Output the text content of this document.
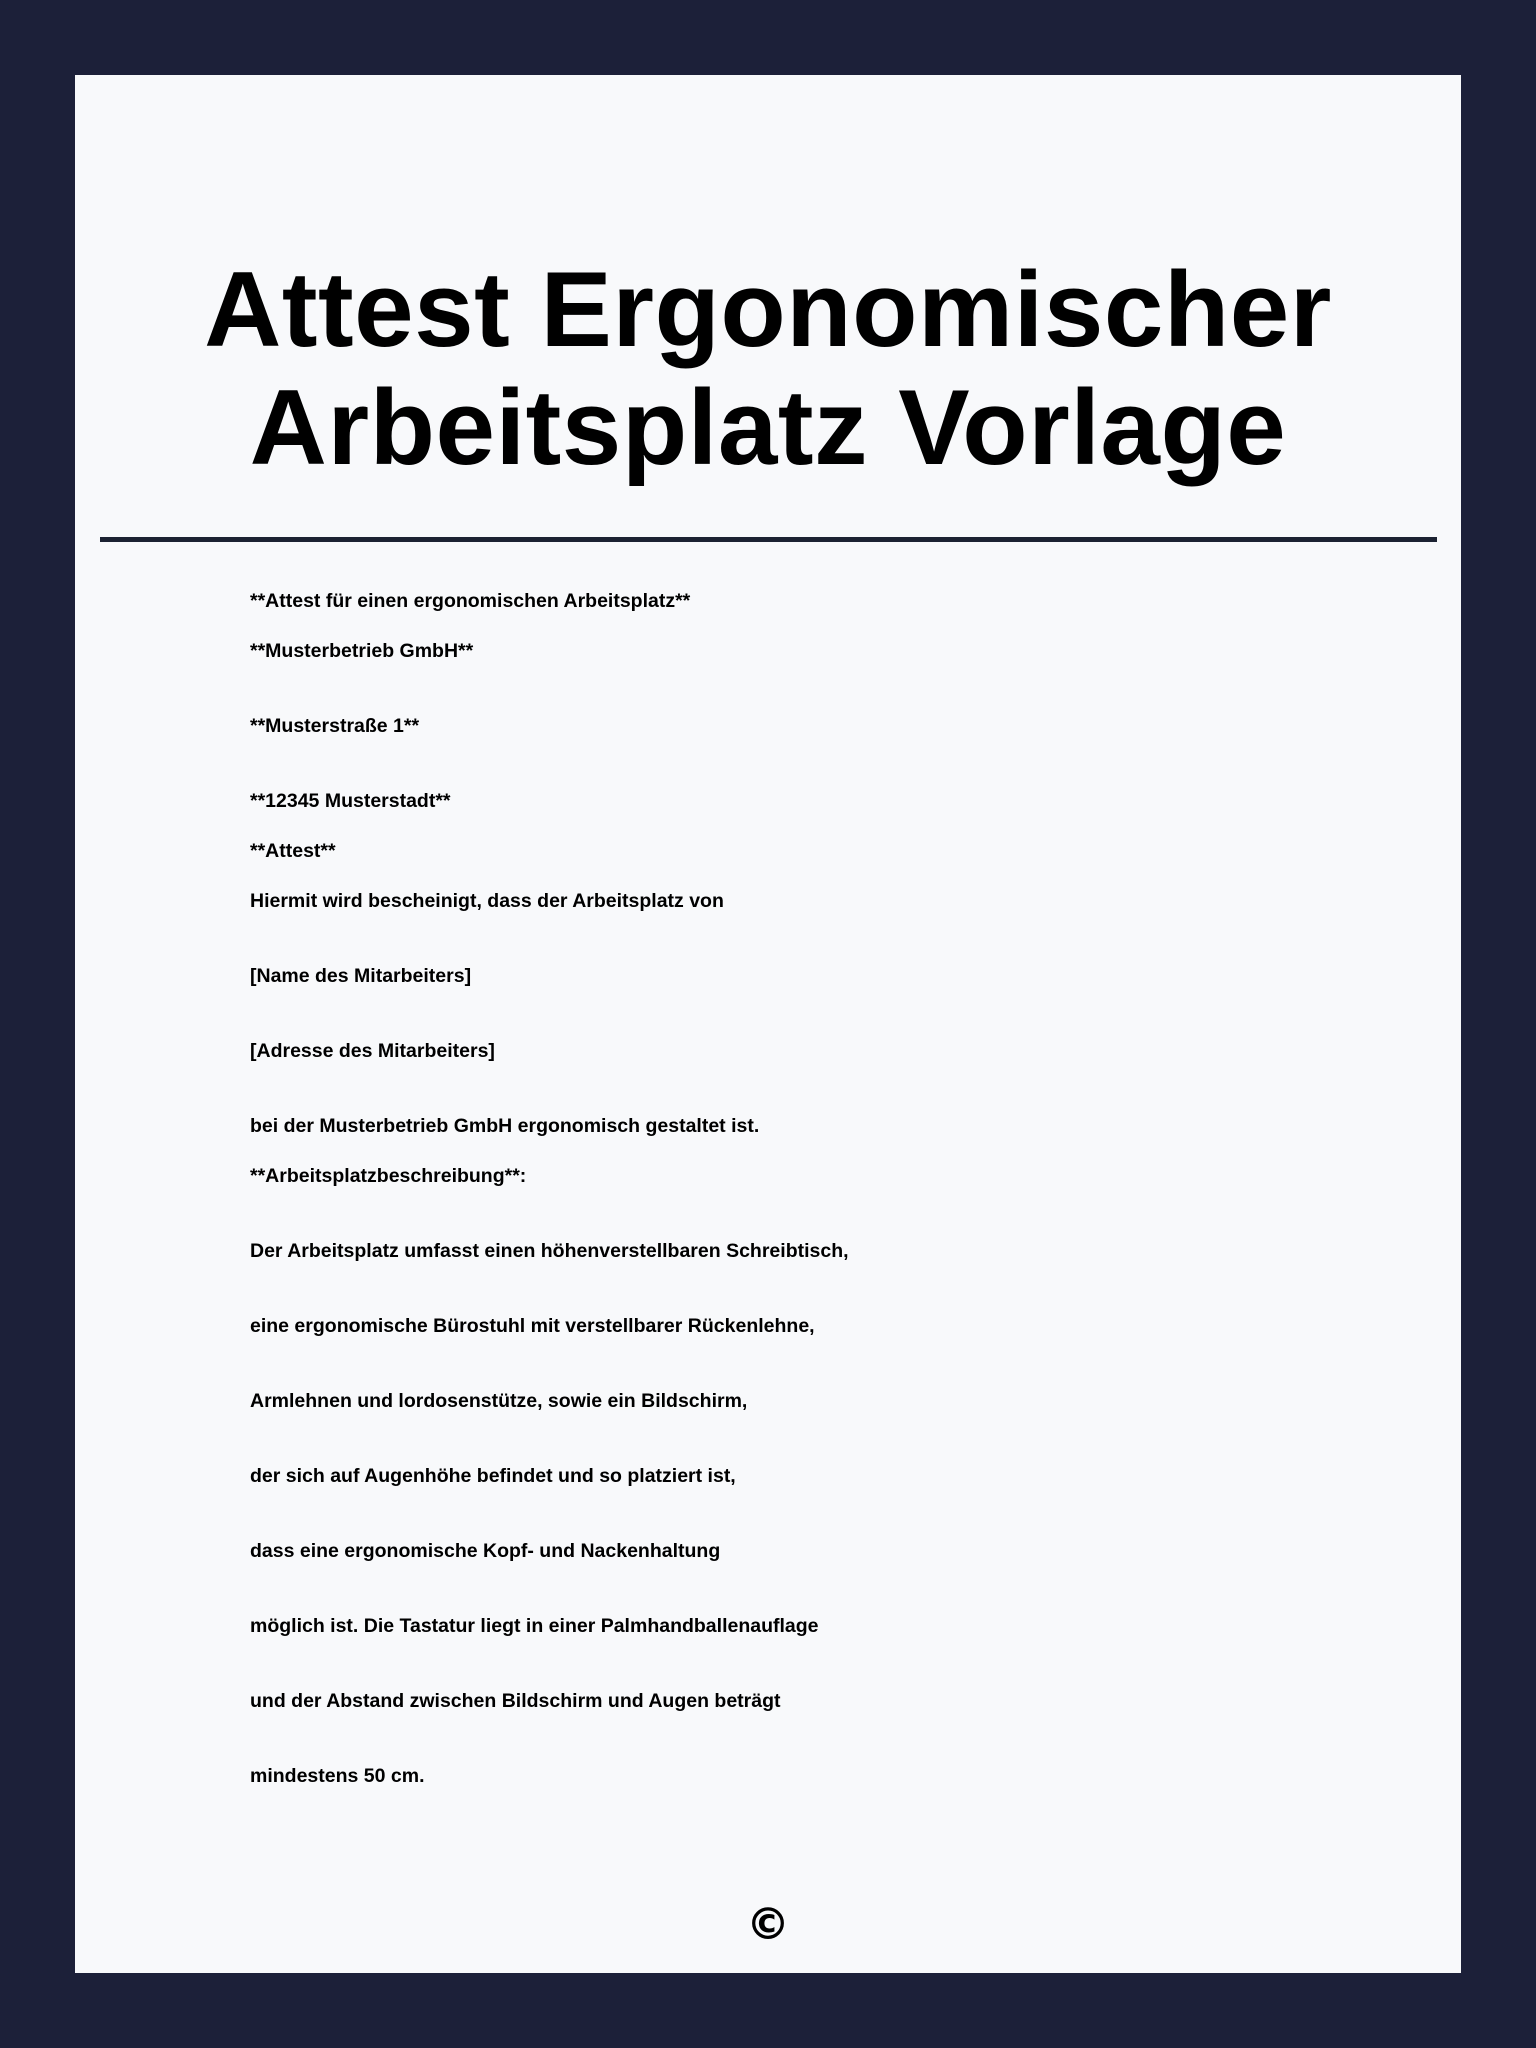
Attest Ergonomischer
Arbeitsplatz Vorlage

**Attest für einen ergonomischen Arbeitsplatz**

**Musterbetrieb GmbH**

**Musterstraße 1**

**12345 Musterstadt**

**Attest**

Hiermit wird bescheinigt, dass der Arbeitsplatz von

[Name des Mitarbeiters]

[Adresse des Mitarbeiters]

bei der Musterbetrieb GmbH ergonomisch gestaltet ist.

**Arbeitsplatzbeschreibung**:

Der Arbeitsplatz umfasst einen höhenverstellbaren Schreibtisch,

eine ergonomische Bürostuhl mit verstellbarer Rückenlehne,

Armlehnen und lordosenstütze, sowie ein Bildschirm,

der sich auf Augenhöhe befindet und so platziert ist,

dass eine ergonomische Kopf- und Nackenhaltung

möglich ist. Die Tastatur liegt in einer Palmhandballenauflage

und der Abstand zwischen Bildschirm und Augen beträgt

mindestens 50 cm.

©
